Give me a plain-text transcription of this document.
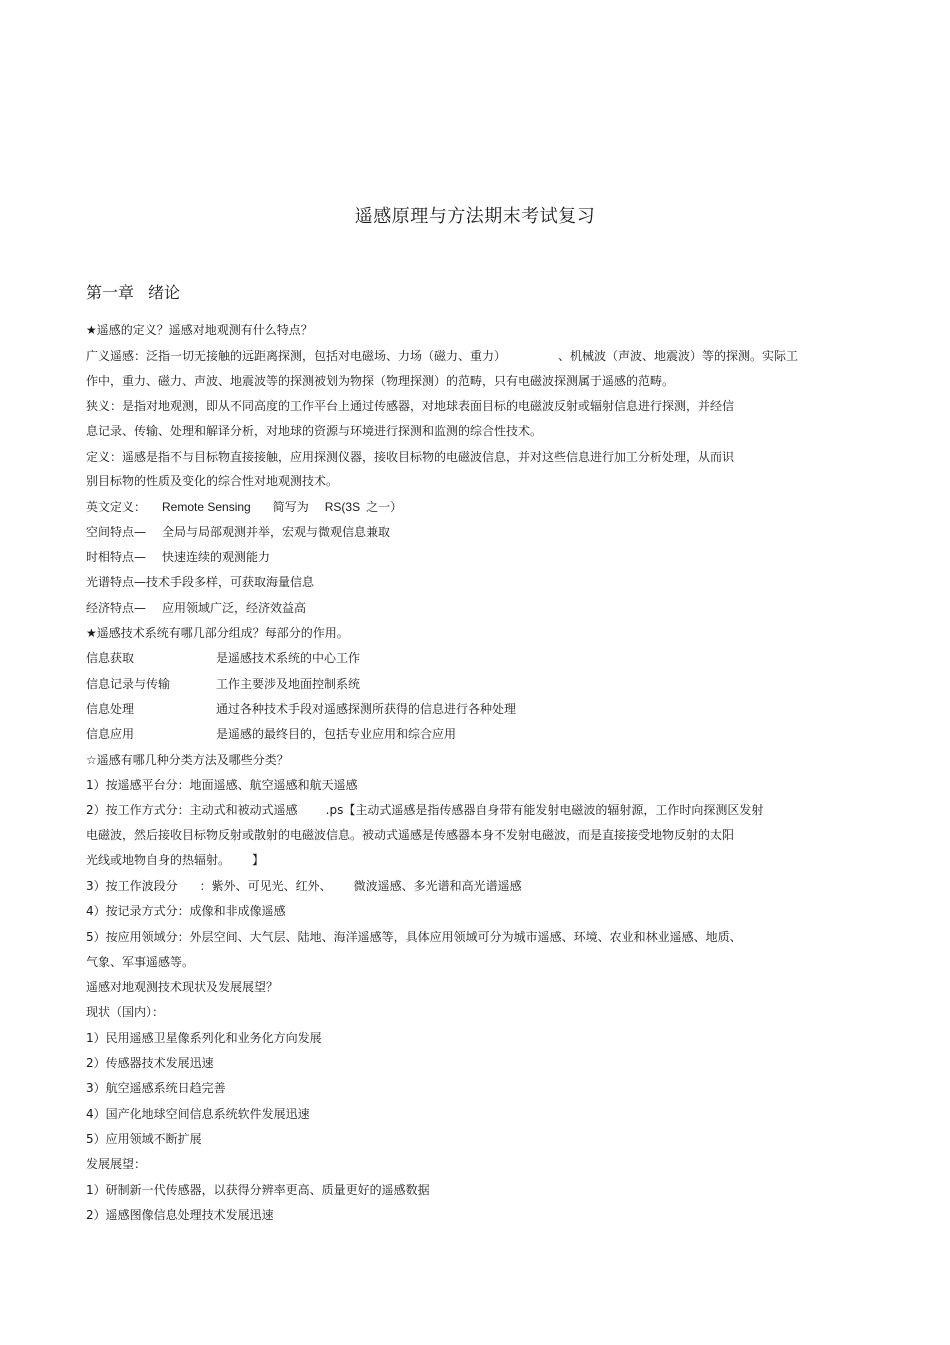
遥感原理与方法期末考试复习
第一章 绪论
★遥感的定义？遥感对地观测有什么特点？
广义遥感：泛指一切无接触的远距离探测，包括对电磁场、力场（磁力、重力）	、机械波（声波、地震波）等的探测。实际工
作中，重力、磁力、声波、地震波等的探测被划为物探（物理探测）的范畴，只有电磁波探测属于遥感的范畴。
狭义：是指对地观测，即从不同高度的工作平台上通过传感器，对地球表面目标的电磁波反射或辐射信息进行探测，并经信
息记录、传输、处理和解译分析，对地球的资源与环境进行探测和监测的综合性技术。
定义：遥感是指不与目标物直接接触，应用探测仪器，接收目标物的电磁波信息，并对这些信息进行加工分析处理，从而识
别目标物的性质及变化的综合性对地观测技术。
英文定义： Remote Sensing 简写为 RS(3S 之一）
空间特点— 全局与局部观测并举，宏观与微观信息兼取
时相特点— 快速连续的观测能力
光谱特点—技术手段多样，可获取海量信息
经济特点— 应用领域广泛，经济效益高
★遥感技术系统有哪几部分组成？每部分的作用。
信息获取	是遥感技术系统的中心工作
信息记录与传输	工作主要涉及地面控制系统
信息处理	通过各种技术手段对遥感探测所获得的信息进行各种处理
信息应用	是遥感的最终目的，包括专业应用和综合应用
☆遥感有哪几种分类方法及哪些分类？
1）按遥感平台分：地面遥感、航空遥感和航天遥感
2）按工作方式分：主动式和被动式遥感 .ps【主动式遥感是指传感器自身带有能发射电磁波的辐射源，工作时向探测区发射
电磁波，然后接收目标物反射或散射的电磁波信息。被动式遥感是传感器本身不发射电磁波，而是直接接受地物反射的太阳
光线或地物自身的热辐射。 】
3）按工作波段分 ：紫外、可见光、红外、 微波遥感、多光谱和高光谱遥感
4）按记录方式分：成像和非成像遥感
5）按应用领域分：外层空间、大气层、陆地、海洋遥感等，具体应用领域可分为城市遥感、环境、农业和林业遥感、地质、
气象、军事遥感等。
遥感对地观测技术现状及发展展望？
现状（国内）：
1）民用遥感卫星像系列化和业务化方向发展
2）传感器技术发展迅速
3）航空遥感系统日趋完善
4）国产化地球空间信息系统软件发展迅速
5）应用领域不断扩展
发展展望：
1）研制新一代传感器，以获得分辨率更高、质量更好的遥感数据
2）遥感图像信息处理技术发展迅速
